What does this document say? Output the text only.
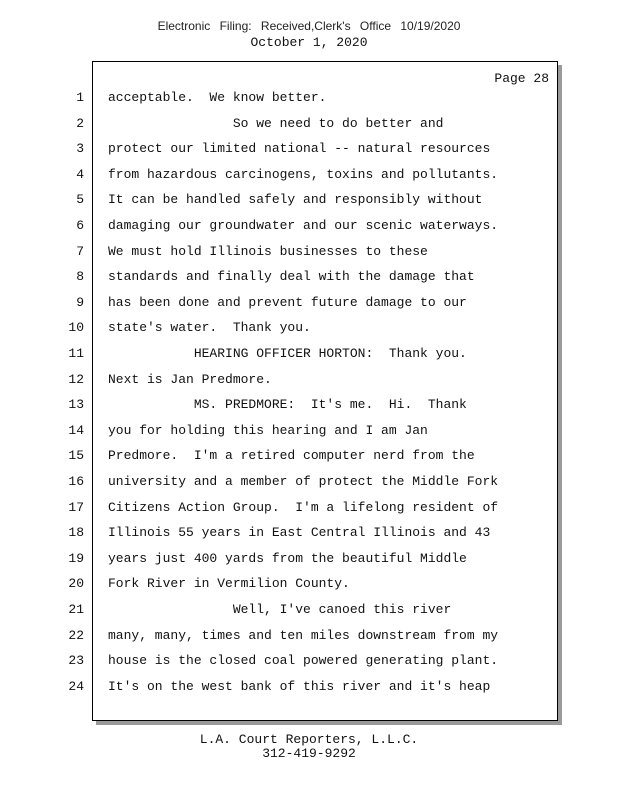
Electronic Filing: Received,Clerk's Office 10/19/2020
October 1, 2020
Page 28
1 acceptable.  We know better.
2 So we need to do better and
3 protect our limited national -- natural resources
4 from hazardous carcinogens, toxins and pollutants.
5 It can be handled safely and responsibly without
6 damaging our groundwater and our scenic waterways.
7 We must hold Illinois businesses to these
8 standards and finally deal with the damage that
9 has been done and prevent future damage to our
10 state's water.  Thank you.
11 HEARING OFFICER HORTON:  Thank you.
12 Next is Jan Predmore.
13 MS. PREDMORE:  It's me.  Hi.  Thank
14 you for holding this hearing and I am Jan
15 Predmore.  I'm a retired computer nerd from the
16 university and a member of protect the Middle Fork
17 Citizens Action Group.  I'm a lifelong resident of
18 Illinois 55 years in East Central Illinois and 43
19 years just 400 yards from the beautiful Middle
20 Fork River in Vermilion County.
21 Well, I've canoed this river
22 many, many, times and ten miles downstream from my
23 house is the closed coal powered generating plant.
24 It's on the west bank of this river and it's heap
L.A. Court Reporters, L.L.C.
312-419-9292
